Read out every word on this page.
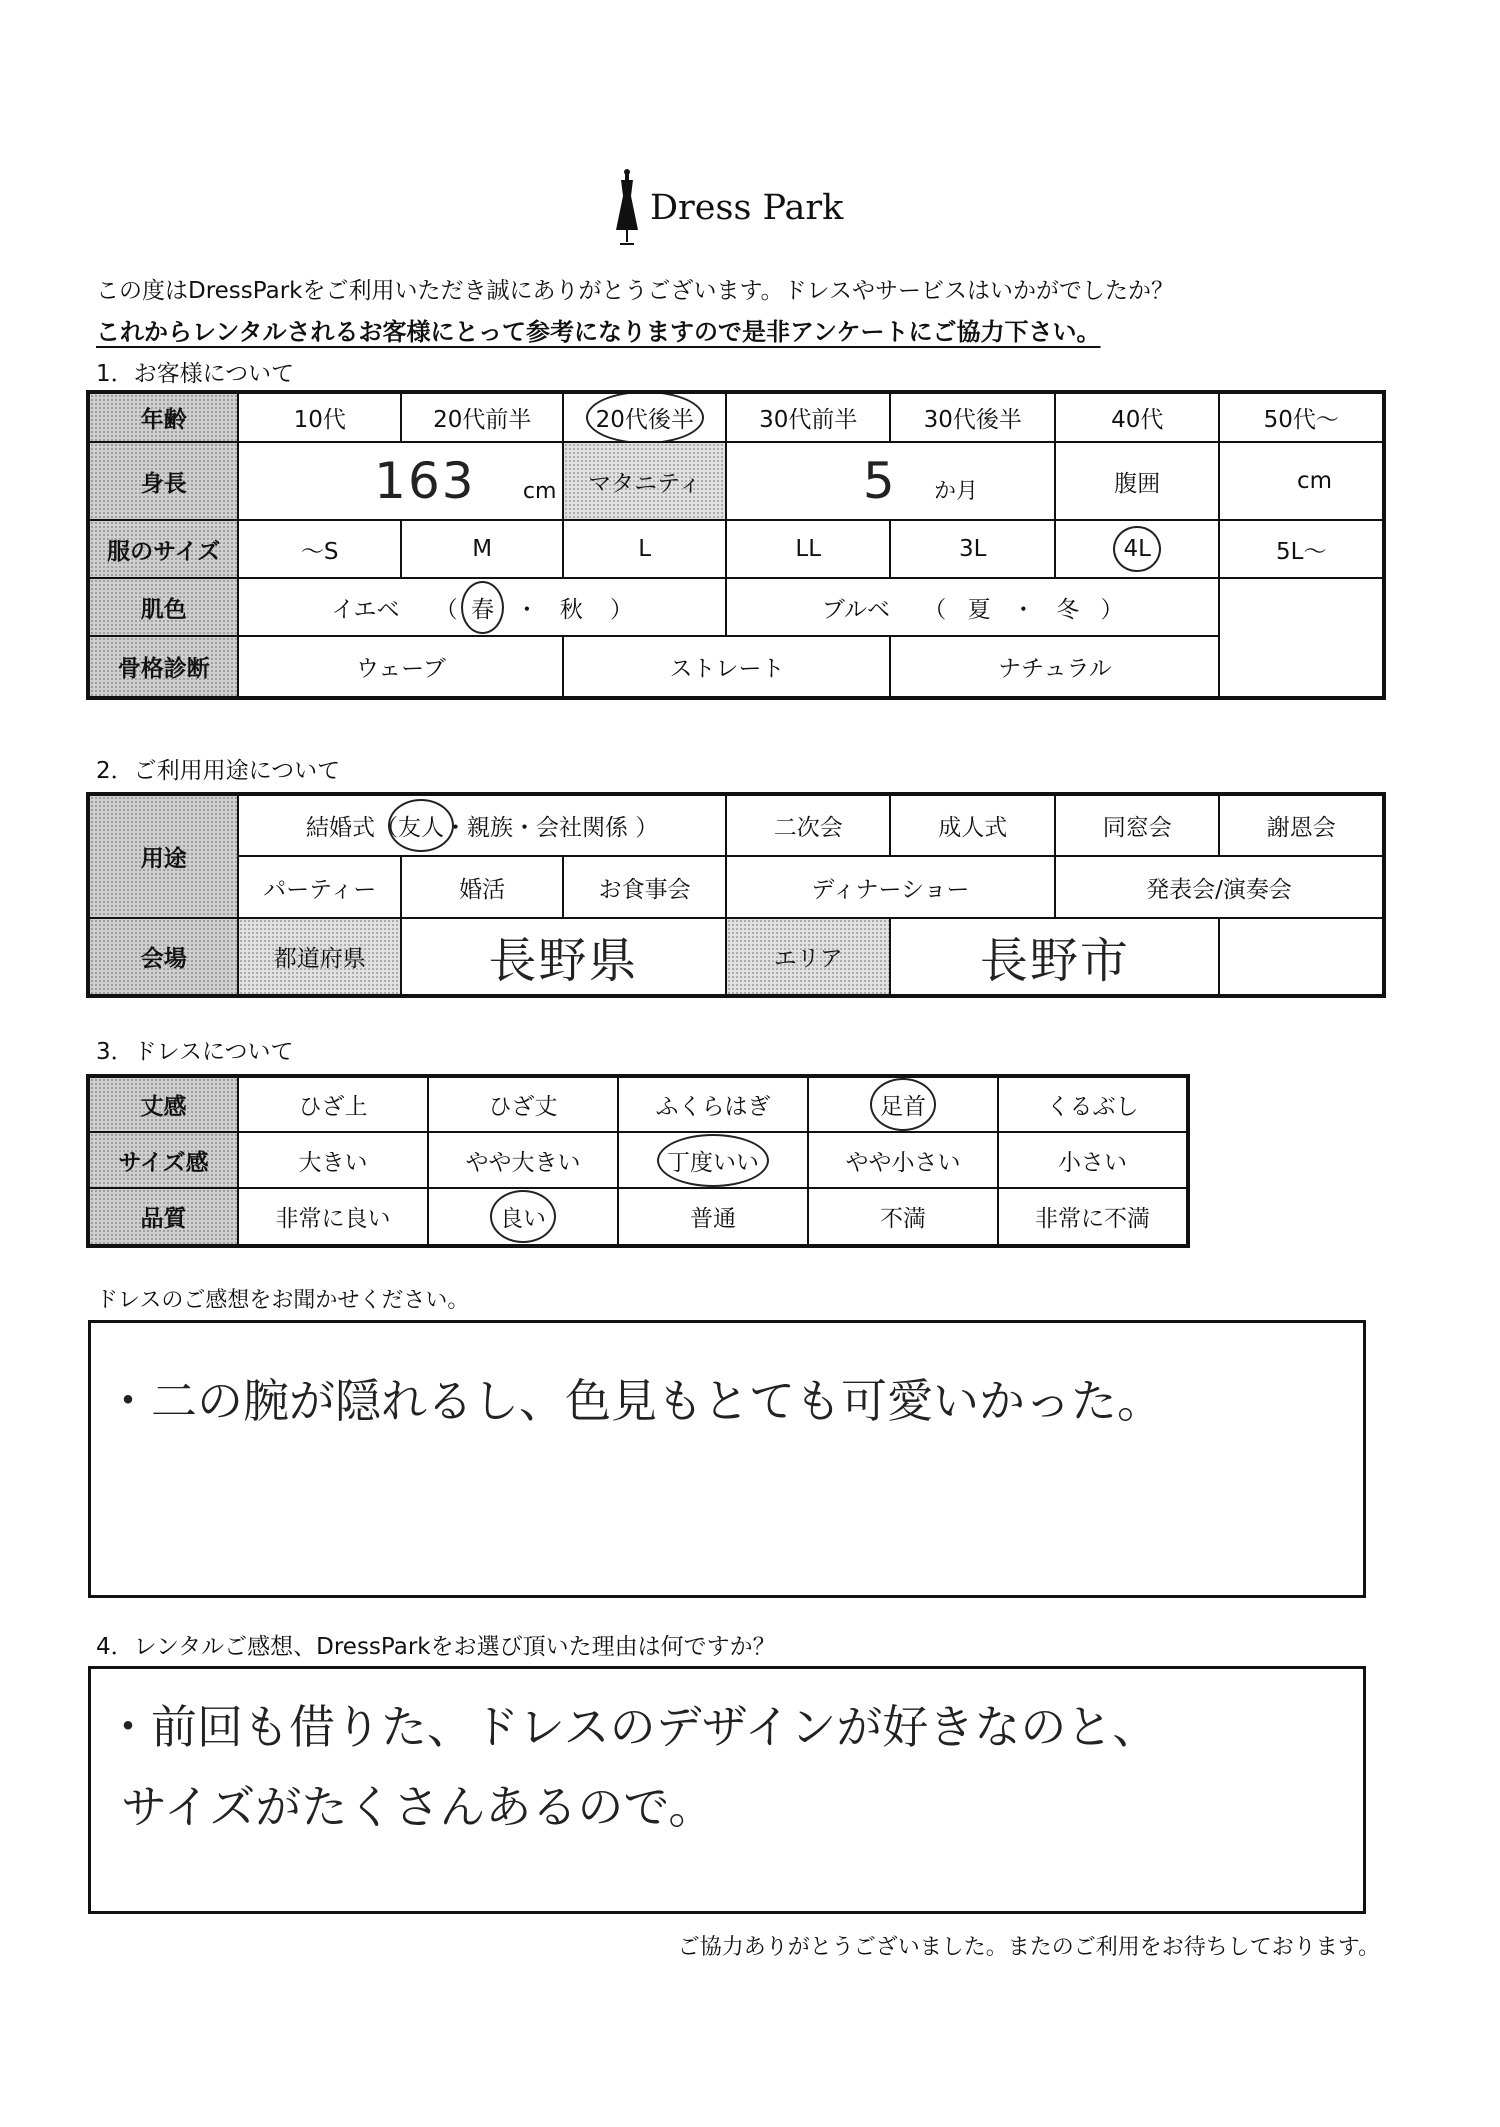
Dress Park
この度はDressParkをご利用いただき誠にありがとうございます。ドレスやサービスはいかがでしたか？
これからレンタルされるお客様にとって参考になりますので是非アンケートにご協力下さい。
1．お客様について
年齢	10代	20代前半	20代後半	30代前半	30代後半	40代	50代～
身長	163 cm		マタニティ	5 か月		腹囲	cm
服のサイズ	～S	M	L	LL	3L	4L	5L～
肌色	イエベ （ 春 ・ 秋 ）			ブルベ （ 夏 ・ 冬 ）			
骨格診断	ウェーブ		ストレート		ナチュラル		
2．ご利用用途について
用途	結婚式（友人・親族・会社関係 ）			二次会	成人式	同窓会	謝恩会
	パーティー	婚活	お食事会	ディナーショー		発表会/演奏会	
会場	都道府県	長野県		エリア	長野市		
3．ドレスについて
丈感	ひざ上	ひざ丈	ふくらはぎ	足首	くるぶし
サイズ感	大きい	やや大きい	丁度いい	やや小さい	小さい
品質	非常に良い	良い	普通	不満	非常に不満
ドレスのご感想をお聞かせください。
・二の腕が隠れるし、色見もとても可愛いかった。
4．レンタルご感想、DressParkをお選び頂いた理由は何ですか？
・前回も借りた、ドレスのデザインが好きなのと、
サイズがたくさんあるので。
ご協力ありがとうございました。またのご利用をお待ちしております。
